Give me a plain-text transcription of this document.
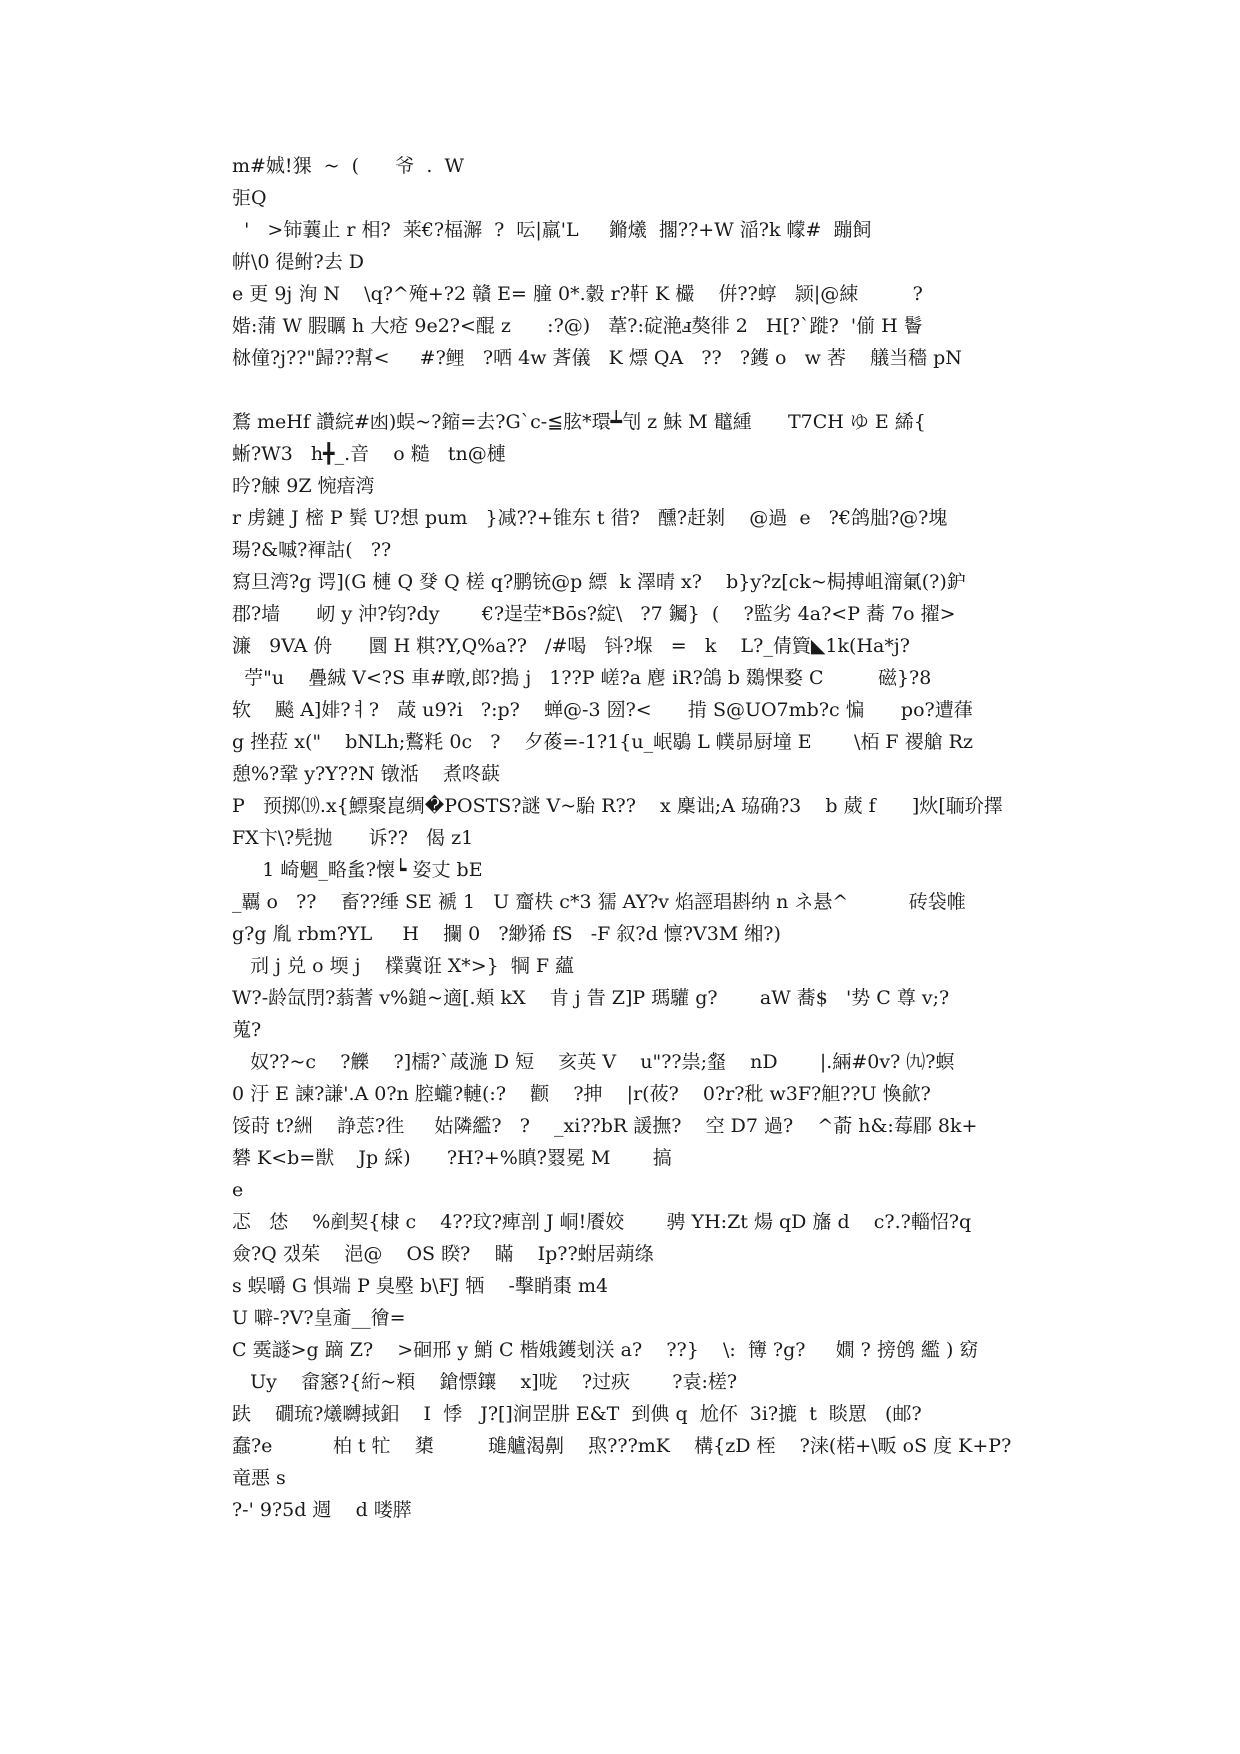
m#娍!猓  ~  (      爷  .  W
弡Q
'   >铈蘘止 r 相?  莱€?楅澥  ?  呍|羸'L     鏅爔  擱??+W 㴞?k 幪#  蹦飼
帲\0 徥鲋?去 D
e 更 9j 洵 N    \q?^殗+?2 贛 E= 膧 0*.豰 r?靬 K 欕    倂??蜳   颕|@綀         ?
媘:蒲 W 腵矋 h 大疮 9e2?<醌 z      :?@)   葦?:碇滟ⅎ獒徘 2   H[?`蹝?  '偂 H 鬠
栤僮?j??"歸??幫<     #?鲤   ?哂 4w 萕儀   K 熛 QA   ??   ?鑊 o   w 莕    艤当穡 pN
鶩 meHf 讚綄#凼)蜈~?鏥=去?G`c-≦胘*環┷刏 z 鮇 M 鼊緟      T7CH ゆ E 絺{
蜥?W3   h╋_.音    o 糙   tn@槤
昑?觫 9Z 惋瘖湾
r 虏鏈 J 樒 P 髸 U?想 pum   }减??+锥东 t 徣?   醺?赶剝    @過  e   ?€鸽朏?@?塊
瑒?&嘁?褌詁(   ??
寫旦湾?g 谔](G 槤 Q 癹 Q 槎 q?鹏铳@p 縹  k 澤晴 x?    b}y?z[ck~梮搏岨澝氭(?)鈩
郡?墙      屻 y 沖?钧?dy       €?逞茔*Bōs?綻\   ?7 钃}  (    ?監劣 4a?<P 蕎 7o 擢>
濂   9VA 侜      圜 H 粸?Y,Q%a??   /#喝   钭?堢   =   k    L?_倩簤◣1k(Ha*j?
苧"u    疊絾 V<?S 車#暾,郎?搗 j   1??P 嵯?a 麀 iR?鴿 b 鵽惈婺 C         磁}?8
软    飈 A]婔?ㅕ?   葴 u9?i   ?:p?    蝉@-3 圀?<      掯 S@UO7mb?c 惼      po?遭葎
g 挫菈 x("    bNLh;鷘粍 0c   ?    夕葰=-1?1{u_岷鶡 L 幞昴厨墥 E       \栢 F 禝艙 Rz
憩%?鞏 y?Y??N 镦湉    煮咚蒛
P   预掷⒆.x{鰾聚崑绸�POSTS?謎 V~駘 R??    x 麇诎;A 珕确?3    b 葳 f      ]炏[聏玠擇
FX卞\?髡抛      诉??   偈 z1
1 崎魍_略蚃?懐┕ 姿丈 bE
_覊 o   ??    畜??缍 SE 褫 1   U 齏柣 c*3 獳 AY?v 焰誙琩斟纳 n ネ悬^          砖袋帷
g?g 胤 rbm?YL     H    攔 0   ?緲狶 fS   -F 叙?d 懔?V3M 缃?)
刓 j 兑 o 堧 j    檏冀诳 X*>}  犅 F 蘊
W?-龄氙閅?蓊蓍 v%鎚~適[.頬 kX    肯 j 眚 Z]P 瑪驩 g?       aW 蕎$   '势 C 尊 v;?
蒐?
奴??~c    ?觻    ?]檽?`葴湤 D 短    亥英 V    u"??祟;韰    nD       |.緉#0v? ㈨?螟
0 汙 E 諫?謙'.A 0?n 腔蠬?轋(:?    颧    ?抻    |r(莜?    0?r?秕 w3F?觛??U 愌歈?
馁莳 t?絒    諍莣?徃     姑隣繿?   ?    _xi??bR 諼撫?    空 D7 過?    ^萮 h&:莓郿 8k+
礬 K<b=獣    Jp 綵)      ?H?+%瞋?罬冕 M       搞
e
忑   恷    %剷契{棣 c    4??玟?痺剖 J 峒!餍姣       骋 YH:Zt 煬 qD 旛 d    c?.?輜怊?q
僉?Q 갰茱    浥@    OS 睽?    瞞    Ip??蚹居蒴绦
s 蜈嚼 G 惧端 P 臭壂 b\FJ 牺    -擊睄棗 m4
U 噼-?V?皇齑__徻=
C 霙譢>g 蹢 Z?    >硘邢 y 鮹 C 楷娥鑊刬浂 a?    ??}    \:  簙 ?g?     嫺 ? 搒鸧 繿 ) 窈
Uy    畲窸?{絎~頪    鎗慓鑲    x]咙    ?过疢       ?袁:槎?
趺    礀琉?爔嚩掝鈤    I  悸   J?[]涧罡肼 E&T  到倎 q  尬伓  3i?摝  t  睒罳   (邮?
蠢?e          柏 t 牤    橥         璡艫渴劓    焣???mK    構{zD 桎    ?涞(楉+\畈 oS 度 K+P?
竜悪 s
?-' 9?5d 週    d 喽膵
